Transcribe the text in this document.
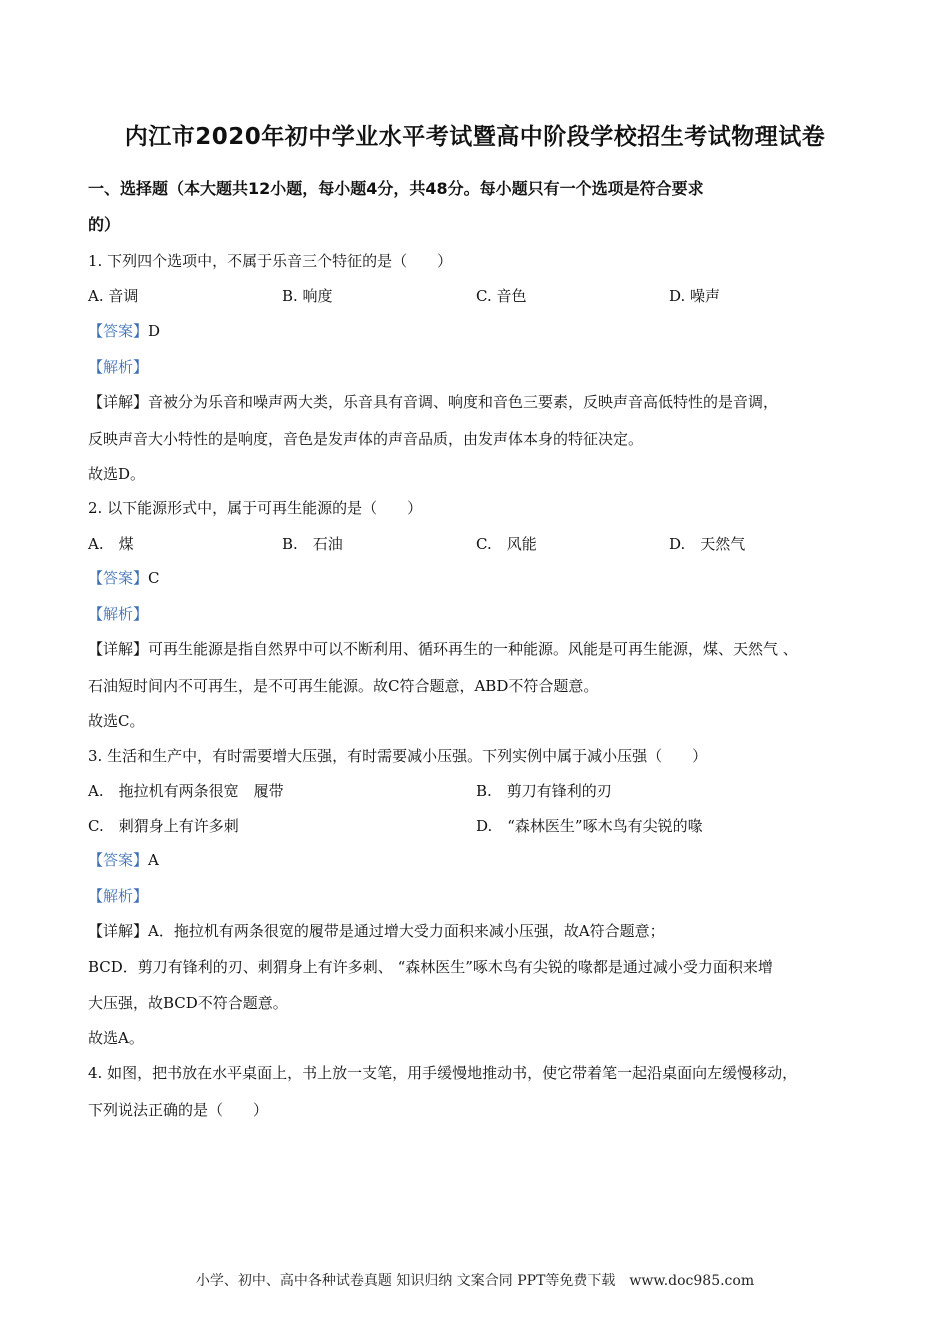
内江市2020年初中学业水平考试暨高中阶段学校招生考试物理试卷
一、选择题（本大题共12小题，每小题4分，共48分。每小题只有一个选项是符合要求
的）
1. 下列四个选项中，不属于乐音三个特征的是（　　）
A. 音调	B. 响度	C. 音色	D. 噪声
【答案】D
【解析】
【详解】音被分为乐音和噪声两大类，乐音具有音调、响度和音色三要素，反映声音高低特性的是音调，
反映声音大小特性的是响度，音色是发声体的声音品质，由发声体本身的特征决定。
故选D。
2. 以下能源形式中，属于可再生能源的是（　　）
A.　煤	B.　石油	C.　风能	D.　天然气
【答案】C
【解析】
【详解】可再生能源是指自然界中可以不断利用、循环再生的一种能源。风能是可再生能源，煤、天然气 、
石油短时间内不可再生，是不可再生能源。故C符合题意，ABD不符合题意。
故选C。
3. 生活和生产中，有时需要增大压强，有时需要减小压强。下列实例中属于减小压强（　　）
A.　拖拉机有两条很宽　履带	B.　剪刀有锋利的刃
C.　刺猬身上有许多刺	D.　“森林医生”啄木鸟有尖锐的喙
【答案】A
【解析】
【详解】A．拖拉机有两条很宽的履带是通过增大受力面积来减小压强，故A符合题意；
BCD．剪刀有锋利的刃、刺猬身上有许多刺、 “森林医生”啄木鸟有尖锐的喙都是通过减小受力面积来增
大压强，故BCD不符合题意。
故选A。
4. 如图，把书放在水平桌面上，书上放一支笔，用手缓慢地推动书，使它带着笔一起沿桌面向左缓慢移动，
下列说法正确的是（　　）
小学、初中、高中各种试卷真题 知识归纳 文案合同 PPT等免费下载　www.doc985.com
